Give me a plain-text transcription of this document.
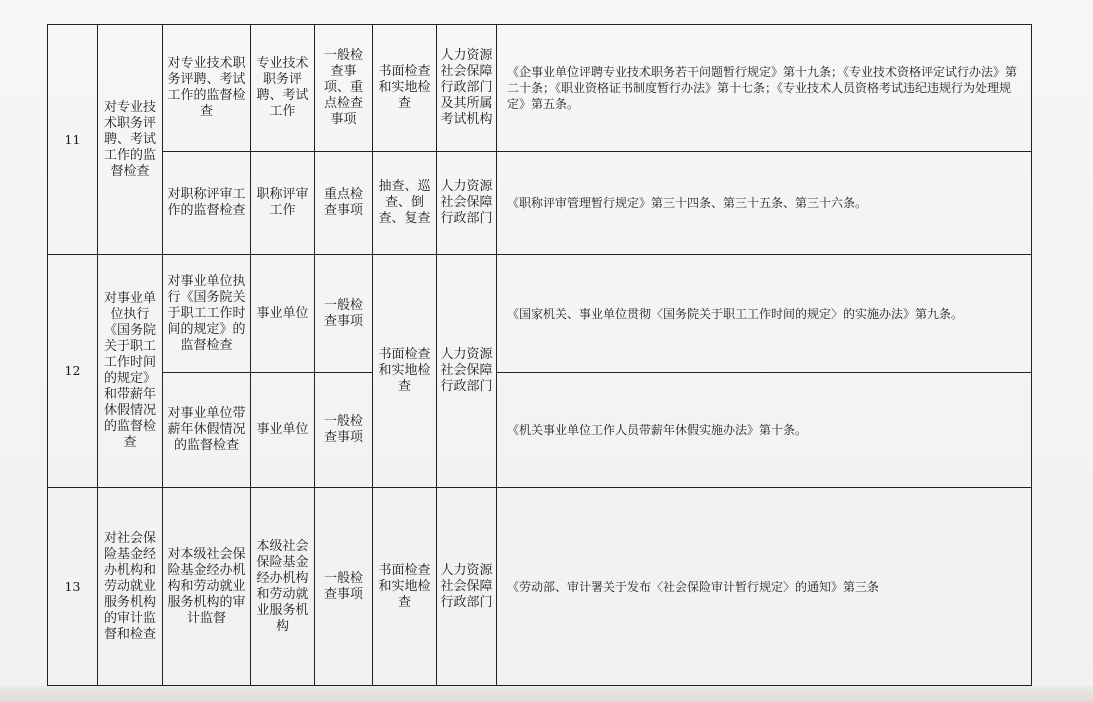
11	对专业技术职务评聘、考试工作的监督检查	对专业技术职务评聘、考试工作的监督检查	专业技术职务评聘、考试工作	一般检查事项、重点检查事项	书面检查和实地检查	人力资源社会保障行政部门及其所属考试机构	《企事业单位评聘专业技术职务若干问题暂行规定》第十九条；《专业技术资格评定试行办法》第二十条；《职业资格证书制度暂行办法》第十七条；《专业技术人员资格考试违纪违规行为处理规定》第五条。
		对职称评审工作的监督检查	职称评审工作	重点检查事项	抽查、巡查、倒查、复查	人力资源社会保障行政部门	《职称评审管理暂行规定》第三十四条、第三十五条、第三十六条。
12	对事业单位执行《国务院关于职工工作时间的规定》和带薪年休假情况的监督检查	对事业单位执行《国务院关于职工工作时间的规定》的监督检查	事业单位	一般检查事项	书面检查和实地检查	人力资源社会保障行政部门	《国家机关、事业单位贯彻〈国务院关于职工工作时间的规定〉的实施办法》第九条。
		对事业单位带薪年休假情况的监督检查	事业单位	一般检查事项			《机关事业单位工作人员带薪年休假实施办法》第十条。
13	对社会保险基金经办机构和劳动就业服务机构的审计监督和检查	对本级社会保险基金经办机构和劳动就业服务机构的审计监督	本级社会保险基金经办机构和劳动就业服务机构	一般检查事项	书面检查和实地检查	人力资源社会保障行政部门	《劳动部、审计署关于发布〈社会保险审计暂行规定〉的通知》第三条
